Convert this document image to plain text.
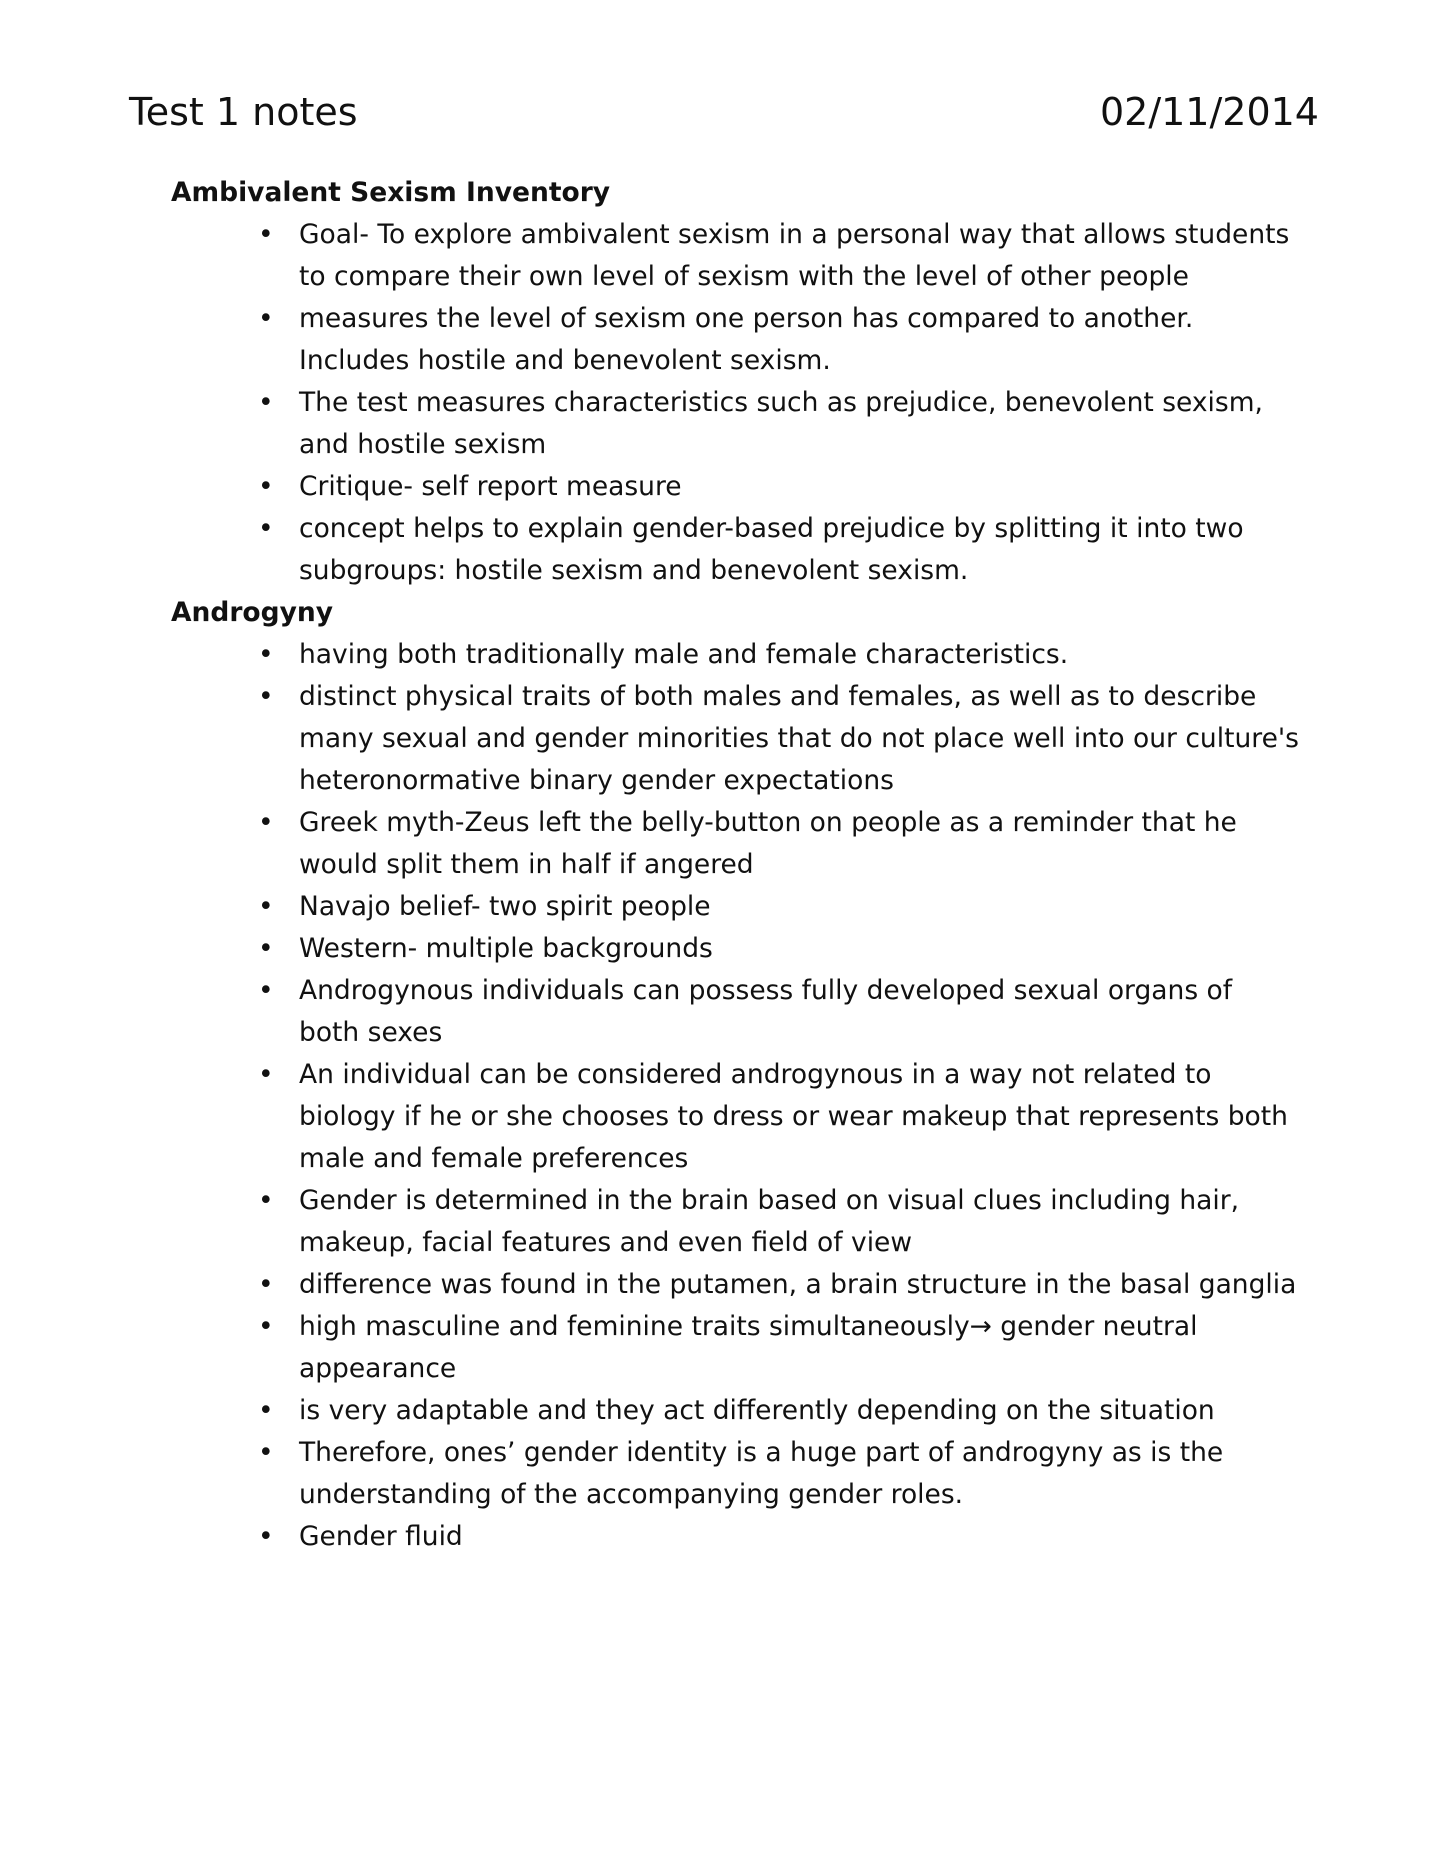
Test 1 notes	02/11/2014
Ambivalent Sexism Inventory
• Goal- To explore ambivalent sexism in a personal way that allows students to compare their own level of sexism with the level of other people
• measures the level of sexism one person has compared to another. Includes hostile and benevolent sexism.
• The test measures characteristics such as prejudice, benevolent sexism, and hostile sexism
• Critique- self report measure
• concept helps to explain gender-based prejudice by splitting it into two subgroups: hostile sexism and benevolent sexism.
Androgyny
• having both traditionally male and female characteristics.
• distinct physical traits of both males and females, as well as to describe many sexual and gender minorities that do not place well into our culture's heteronormative binary gender expectations
• Greek myth-Zeus left the belly-button on people as a reminder that he would split them in half if angered
• Navajo belief- two spirit people
• Western- multiple backgrounds
• Androgynous individuals can possess fully developed sexual organs of both sexes
• An individual can be considered androgynous in a way not related to biology if he or she chooses to dress or wear makeup that represents both male and female preferences
• Gender is determined in the brain based on visual clues including hair, makeup, facial features and even field of view
• difference was found in the putamen, a brain structure in the basal ganglia
• high masculine and feminine traits simultaneously→ gender neutral appearance
• is very adaptable and they act differently depending on the situation
• Therefore, ones’ gender identity is a huge part of androgyny as is the understanding of the accompanying gender roles.
• Gender fluid
